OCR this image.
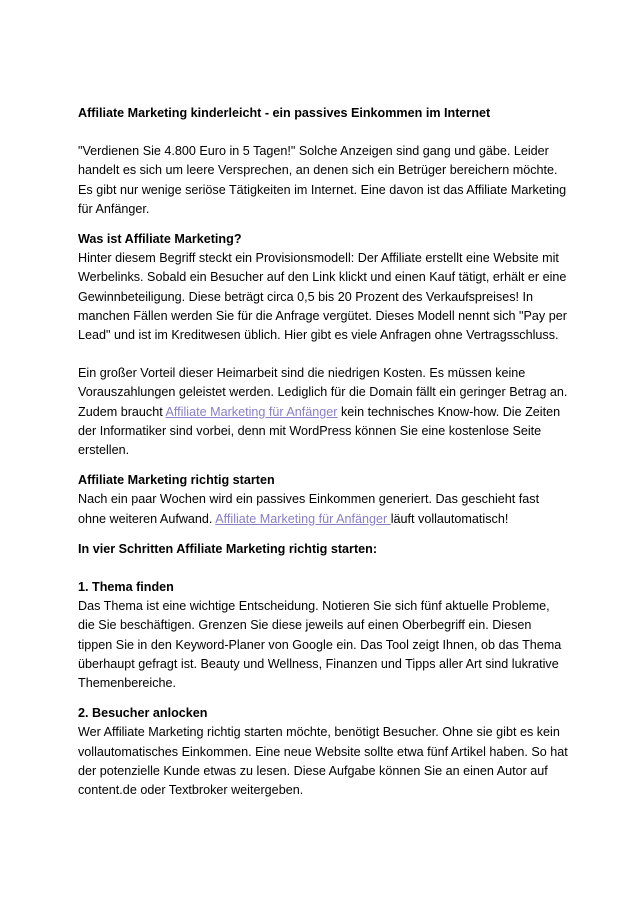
Affiliate Marketing kinderleicht - ein passives Einkommen im Internet

"Verdienen Sie 4.800 Euro in 5 Tagen!" Solche Anzeigen sind gang und gäbe. Leider handelt es sich um leere Versprechen, an denen sich ein Betrüger bereichern möchte. Es gibt nur wenige seriöse Tätigkeiten im Internet. Eine davon ist das Affiliate Marketing für Anfänger.

Was ist Affiliate Marketing?

Hinter diesem Begriff steckt ein Provisionsmodell: Der Affiliate erstellt eine Website mit Werbelinks. Sobald ein Besucher auf den Link klickt und einen Kauf tätigt, erhält er eine Gewinnbeteiligung. Diese beträgt circa 0,5 bis 20 Prozent des Verkaufspreises! In manchen Fällen werden Sie für die Anfrage vergütet. Dieses Modell nennt sich "Pay per Lead" und ist im Kreditwesen üblich. Hier gibt es viele Anfragen ohne Vertragsschluss.

Ein großer Vorteil dieser Heimarbeit sind die niedrigen Kosten. Es müssen keine Vorauszahlungen geleistet werden. Lediglich für die Domain fällt ein geringer Betrag an. Zudem braucht Affiliate Marketing für Anfänger kein technisches Know-how. Die Zeiten der Informatiker sind vorbei, denn mit WordPress können Sie eine kostenlose Seite erstellen.

Affiliate Marketing richtig starten

Nach ein paar Wochen wird ein passives Einkommen generiert. Das geschieht fast ohne weiteren Aufwand. Affiliate Marketing für Anfänger läuft vollautomatisch!

In vier Schritten Affiliate Marketing richtig starten:

1. Thema finden

Das Thema ist eine wichtige Entscheidung. Notieren Sie sich fünf aktuelle Probleme, die Sie beschäftigen. Grenzen Sie diese jeweils auf einen Oberbegriff ein. Diesen tippen Sie in den Keyword-Planer von Google ein. Das Tool zeigt Ihnen, ob das Thema überhaupt gefragt ist. Beauty und Wellness, Finanzen und Tipps aller Art sind lukrative Themenbereiche.

2. Besucher anlocken

Wer Affiliate Marketing richtig starten möchte, benötigt Besucher. Ohne sie gibt es kein vollautomatisches Einkommen. Eine neue Website sollte etwa fünf Artikel haben. So hat der potenzielle Kunde etwas zu lesen. Diese Aufgabe können Sie an einen Autor auf content.de oder Textbroker weitergeben.
